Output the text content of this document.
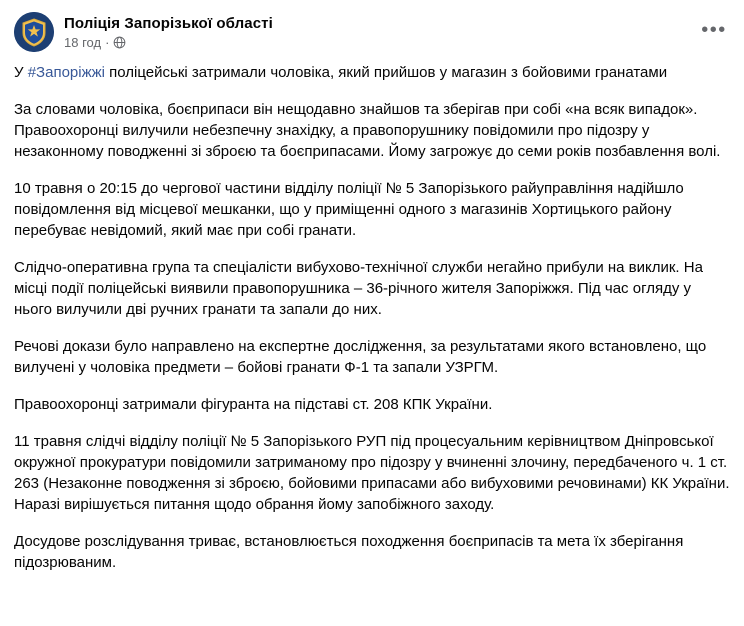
Поліція Запорізької області
18 год ·
•••

У #Запоріжжі поліцейські затримали чоловіка, який прийшов у магазин з бойовими гранатами

За словами чоловіка, боєприпаси він нещодавно знайшов та зберігав при собі «на всяк випадок». Правоохоронці вилучили небезпечну знахідку, а правопорушнику повідомили про підозру у незаконному поводженні зі зброєю та боєприпасами. Йому загрожує до семи років позбавлення волі.

10 травня о 20:15 до чергової частини відділу поліції № 5 Запорізького райуправління надійшло повідомлення від місцевої мешканки, що у приміщенні одного з магазинів Хортицького району перебуває невідомий, який має при собі гранати.

Слідчо-оперативна група та спеціалісти вибухово-технічної служби негайно прибули на виклик. На місці події поліцейські виявили правопорушника – 36-річного жителя Запоріжжя. Під час огляду у нього вилучили дві ручних гранати та запали до них.

Речові докази було направлено на експертне дослідження, за результатами якого встановлено, що вилучені у чоловіка предмети – бойові гранати Ф-1 та запали УЗРГМ.

Правоохоронці затримали фігуранта на підставі ст. 208 КПК України.

11 травня слідчі відділу поліції № 5 Запорізького РУП під процесуальним керівництвом Дніпровської окружної прокуратури повідомили затриманому про підозру у вчиненні злочину, передбаченого ч. 1 ст. 263 (Незаконне поводження зі зброєю, бойовими припасами або вибуховими речовинами) КК України. Наразі вирішується питання щодо обрання йому запобіжного заходу.

Досудове розслідування триває, встановлюється походження боєприпасів та мета їх зберігання підозрюваним.
